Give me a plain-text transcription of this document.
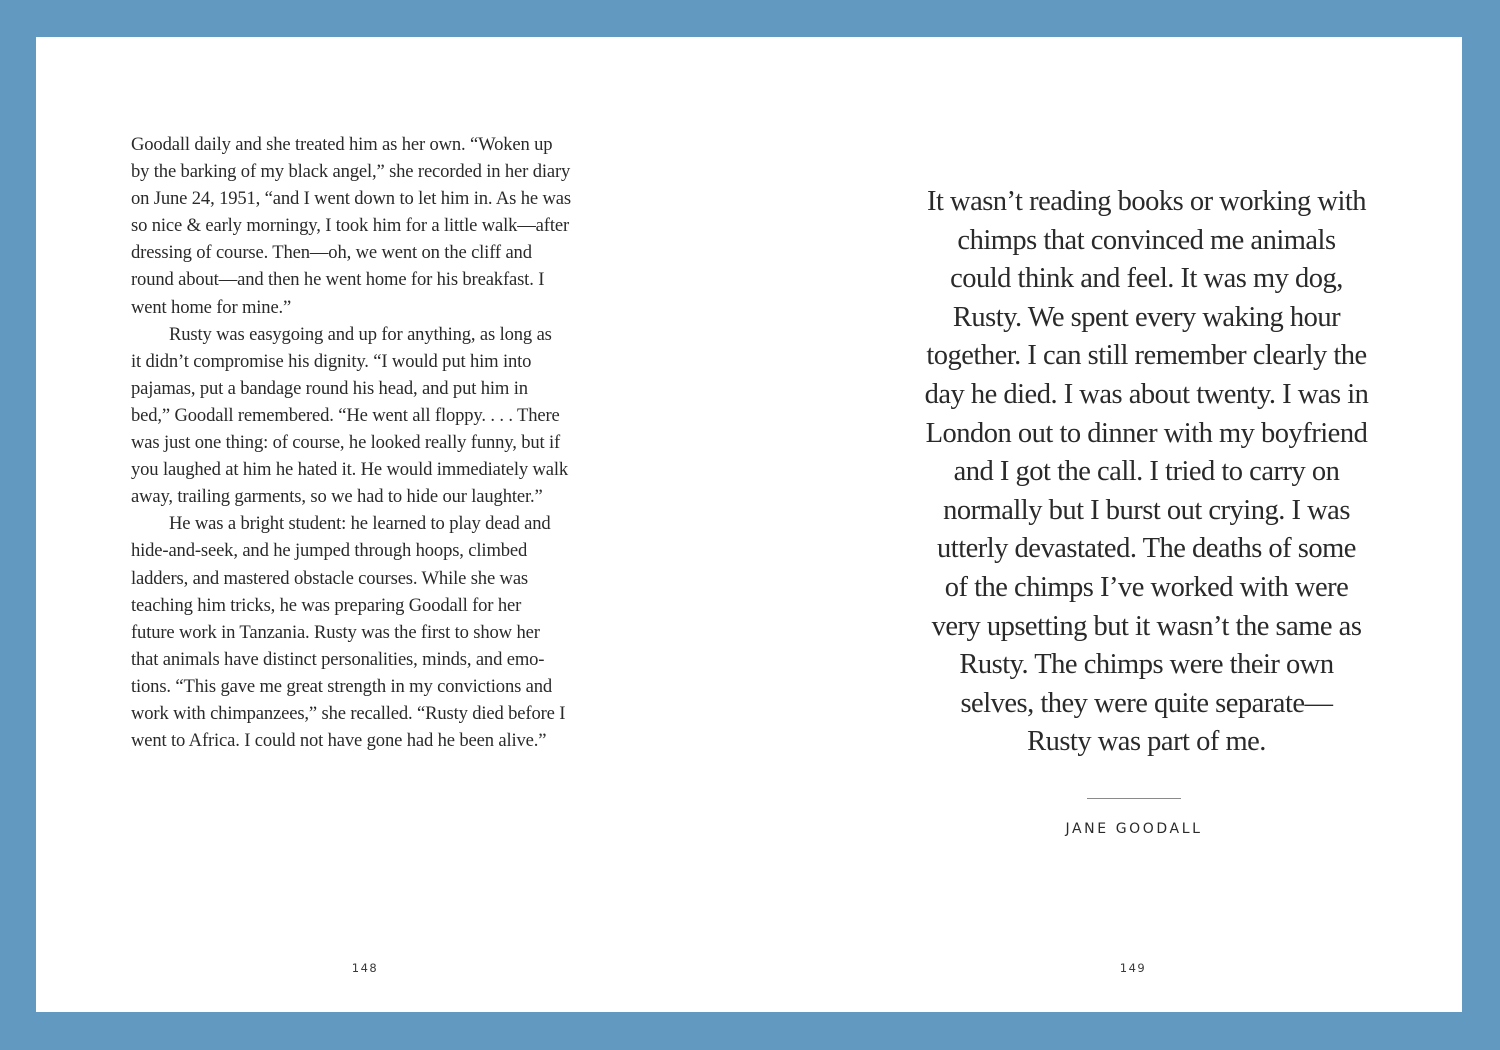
Goodall daily and she treated him as her own. “Woken up
by the barking of my black angel,” she recorded in her diary
on June 24, 1951, “and I went down to let him in. As he was
so nice & early morningy, I took him for a little walk—after
dressing of course. Then—oh, we went on the cliff and
round about—and then he went home for his breakfast. I
went home for mine.”

Rusty was easygoing and up for anything, as long as
it didn’t compromise his dignity. “I would put him into
pajamas, put a bandage round his head, and put him in
bed,” Goodall remembered. “He went all floppy. . . . There
was just one thing: of course, he looked really funny, but if
you laughed at him he hated it. He would immediately walk
away, trailing garments, so we had to hide our laughter.”

He was a bright student: he learned to play dead and
hide-and-seek, and he jumped through hoops, climbed
ladders, and mastered obstacle courses. While she was
teaching him tricks, he was preparing Goodall for her
future work in Tanzania. Rusty was the first to show her
that animals have distinct personalities, minds, and emo-
tions. “This gave me great strength in my convictions and
work with chimpanzees,” she recalled. “Rusty died before I
went to Africa. I could not have gone had he been alive.”

148
It wasn’t reading books or working with
chimps that convinced me animals
could think and feel. It was my dog,
Rusty. We spent every waking hour
together. I can still remember clearly the
day he died. I was about twenty. I was in
London out to dinner with my boyfriend
and I got the call. I tried to carry on
normally but I burst out crying. I was
utterly devastated. The deaths of some
of the chimps I’ve worked with were
very upsetting but it wasn’t the same as
Rusty. The chimps were their own
selves, they were quite separate—
Rusty was part of me.
JANE GOODALL
149
